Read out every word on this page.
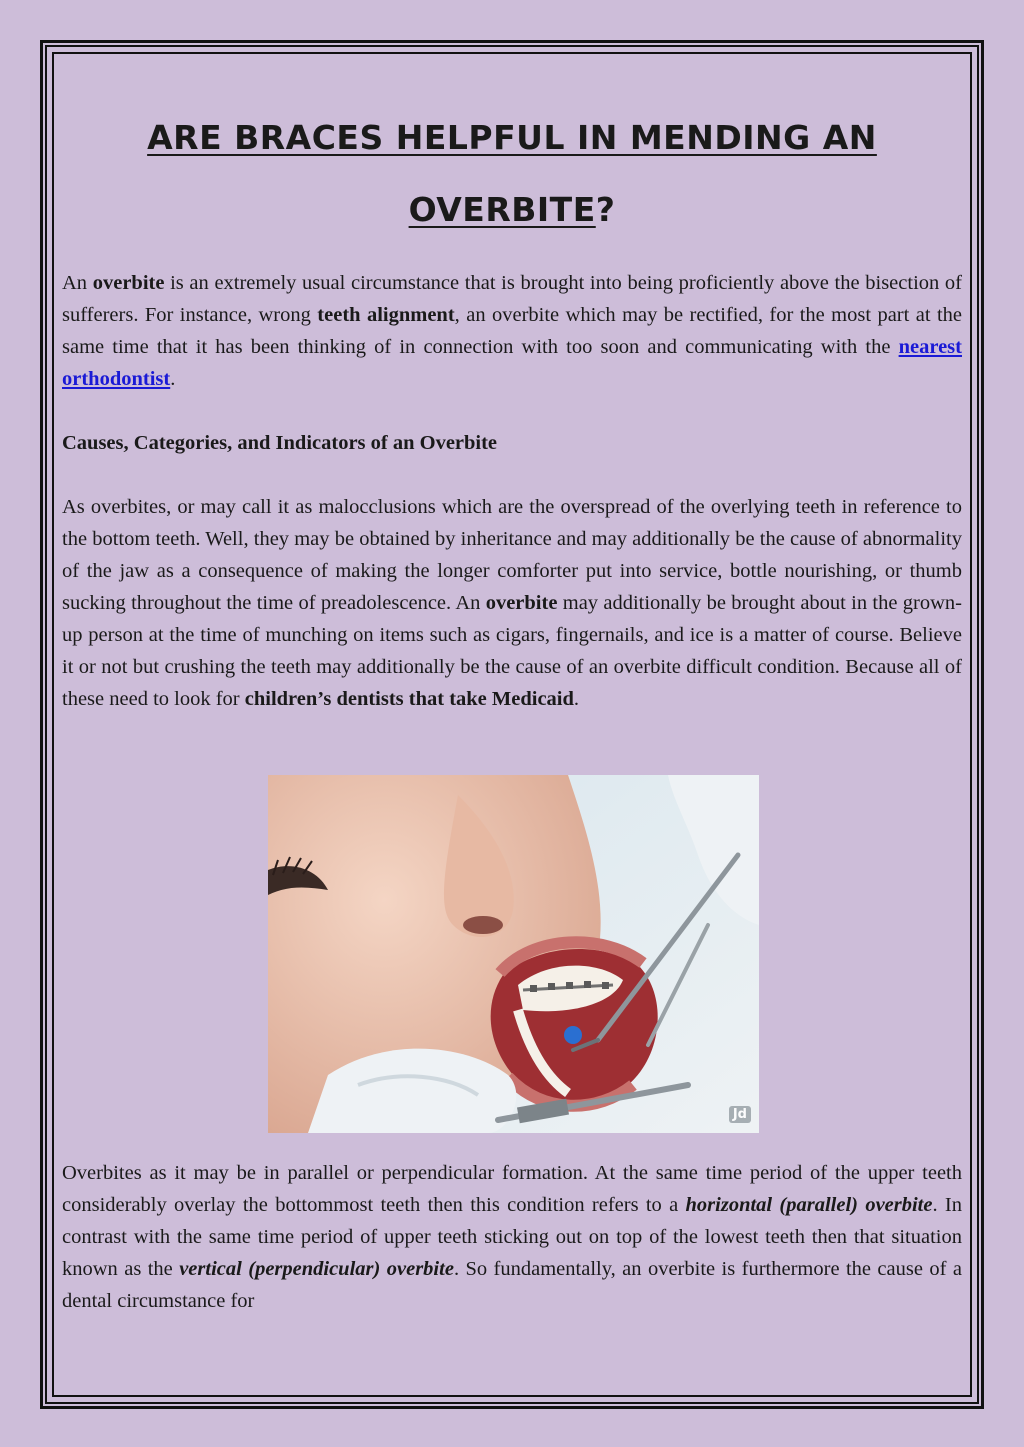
ARE BRACES HELPFUL IN MENDING AN
OVERBITE?

An overbite is an extremely usual circumstance that is brought into being proficiently above the bisection of sufferers. For instance, wrong teeth alignment, an overbite which may be rectified, for the most part at the same time that it has been thinking of in connection with too soon and communicating with the nearest orthodontist.

Causes, Categories, and Indicators of an Overbite

As overbites, or may call it as malocclusions which are the overspread of the overlying teeth in reference to the bottom teeth. Well, they may be obtained by inheritance and may additionally be the cause of abnormality of the jaw as a consequence of making the longer comforter put into service, bottle nourishing, or thumb sucking throughout the time of preadolescence. An overbite may additionally be brought about in the grown-up person at the time of munching on items such as cigars, fingernails, and ice is a matter of course. Believe it or not but crushing the teeth may additionally be the cause of an overbite difficult condition. Because all of these need to look for children’s dentists that take Medicaid.

Overbites as it may be in parallel or perpendicular formation. At the same time period of the upper teeth considerably overlay the bottommost teeth then this condition refers to a horizontal (parallel) overbite. In contrast with the same time period of upper teeth sticking out on top of the lowest teeth then that situation known as the vertical (perpendicular) overbite. So fundamentally, an overbite is furthermore the cause of a dental circumstance for

Jd
